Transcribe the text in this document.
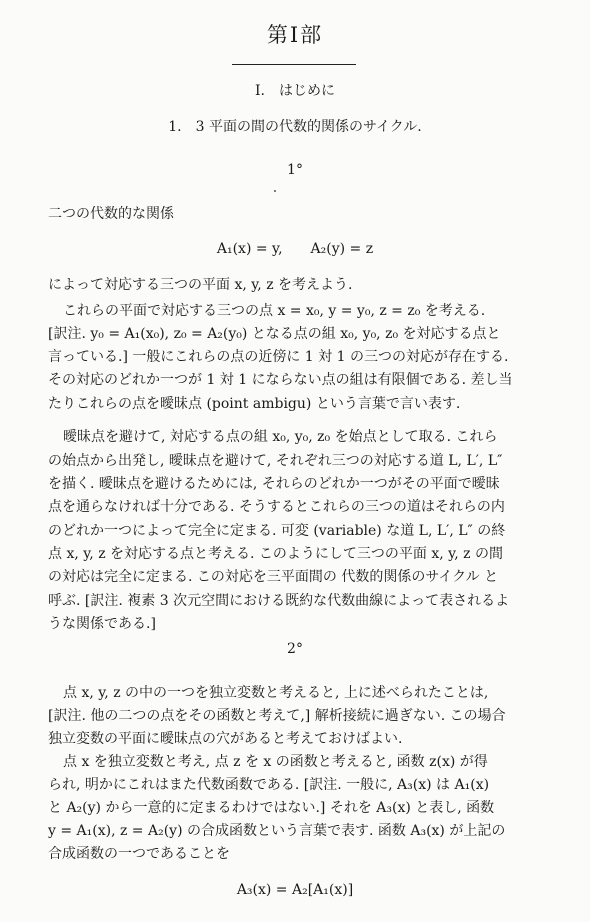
第Ⅰ部
I.　はじめに
1.　3 平面の間の代数的関係のサイクル.
1°
二つの代数的な関係
A₁(x) = y,　　A₂(y) = z
によって対応する三つの平面 x, y, z を考えよう.
これらの平面で対応する三つの点 x = x₀, y = y₀, z = z₀ を考える.
[訳注. y₀ = A₁(x₀), z₀ = A₂(y₀) となる点の組 x₀, y₀, z₀ を対応する点と
言っている.] 一般にこれらの点の近傍に 1 対 1 の三つの対応が存在する.
その対応のどれか一つが 1 対 1 にならない点の組は有限個である. 差し当
たりこれらの点を曖昧点 (point ambigu) という言葉で言い表す.
曖昧点を避けて, 対応する点の組 x₀, y₀, z₀ を始点として取る. これら
の始点から出発し, 曖昧点を避けて, それぞれ三つの対応する道 L, L′, L″
を描く. 曖昧点を避けるためには, それらのどれか一つがその平面で曖昧
点を通らなければ十分である. そうするとこれらの三つの道はそれらの内
のどれか一つによって完全に定まる. 可変 (variable) な道 L, L′, L″ の終
点 x, y, z を対応する点と考える. このようにして三つの平面 x, y, z の間
の対応は完全に定まる. この対応を三平面間の 代数的関係のサイクル と
呼ぶ. [訳注. 複素 3 次元空間における既約な代数曲線によって表されるよ
うな関係である.]
2°
点 x, y, z の中の一つを独立変数と考えると, 上に述べられたことは,
[訳注. 他の二つの点をその函数と考えて,] 解析接続に過ぎない. この場合
独立変数の平面に曖昧点の穴があると考えておけばよい.
点 x を独立変数と考え, 点 z を x の函数と考えると, 函数 z(x) が得
られ, 明かにこれはまた代数函数である. [訳注. 一般に, A₃(x) は A₁(x)
と A₂(y) から一意的に定まるわけではない.] それを A₃(x) と表し, 函数
y = A₁(x), z = A₂(y) の合成函数という言葉で表す. 函数 A₃(x) が上記の
合成函数の一つであることを
A₃(x) = A₂[A₁(x)]
